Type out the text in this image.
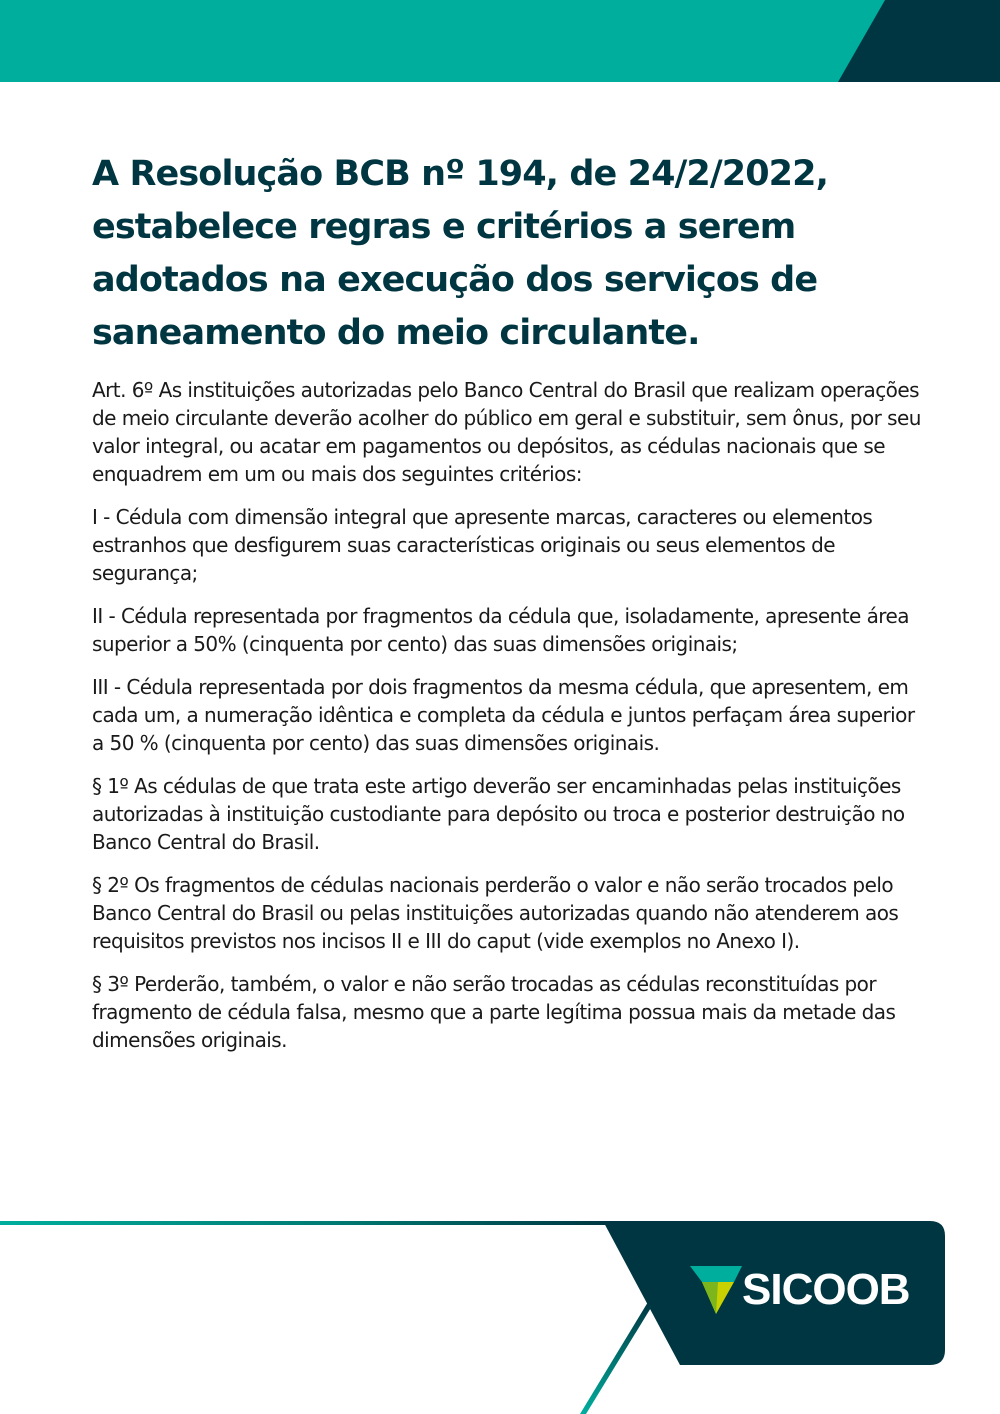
A Resolução BCB nº 194, de 24/2/2022, estabelece regras e critérios a serem adotados na execução dos serviços de saneamento do meio circulante.

Art. 6º As instituições autorizadas pelo Banco Central do Brasil que realizam operações de meio circulante deverão acolher do público em geral e substituir, sem ônus, por seu valor integral, ou acatar em pagamentos ou depósitos, as cédulas nacionais que se enquadrem em um ou mais dos seguintes critérios:

I - Cédula com dimensão integral que apresente marcas, caracteres ou elementos estranhos que desfigurem suas características originais ou seus elementos de segurança;

II - Cédula representada por fragmentos da cédula que, isoladamente, apresente área superior a 50% (cinquenta por cento) das suas dimensões originais;

III - Cédula representada por dois fragmentos da mesma cédula, que apresentem, em cada um, a numeração idêntica e completa da cédula e juntos perfaçam área superior a 50 % (cinquenta por cento) das suas dimensões originais.

§ 1º As cédulas de que trata este artigo deverão ser encaminhadas pelas instituições autorizadas à instituição custodiante para depósito ou troca e posterior destruição no Banco Central do Brasil.

§ 2º Os fragmentos de cédulas nacionais perderão o valor e não serão trocados pelo Banco Central do Brasil ou pelas instituições autorizadas quando não atenderem aos requisitos previstos nos incisos II e III do caput (vide exemplos no Anexo I).

§ 3º Perderão, também, o valor e não serão trocadas as cédulas reconstituídas por fragmento de cédula falsa, mesmo que a parte legítima possua mais da metade das dimensões originais.

SICOOB
